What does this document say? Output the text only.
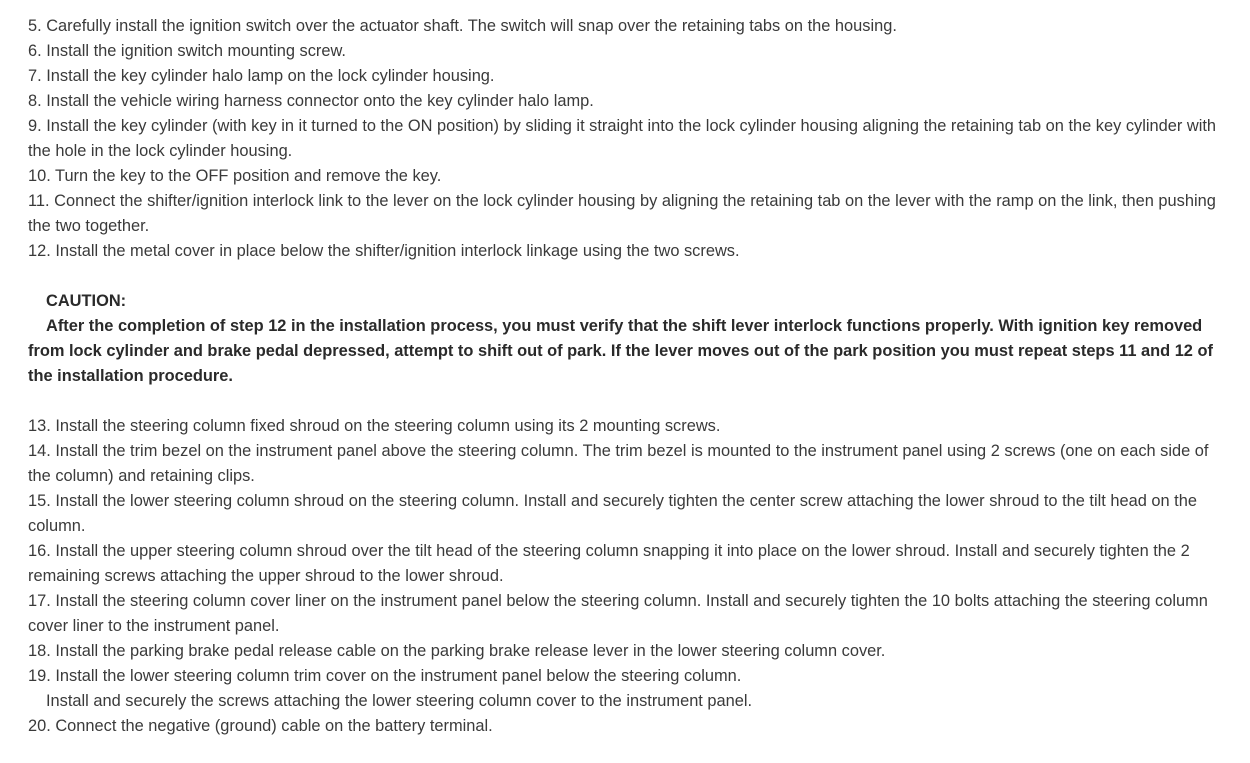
5. Carefully install the ignition switch over the actuator shaft. The switch will snap over the retaining tabs on the housing.
6. Install the ignition switch mounting screw.
7. Install the key cylinder halo lamp on the lock cylinder housing.
8. Install the vehicle wiring harness connector onto the key cylinder halo lamp.
9. Install the key cylinder (with key in it turned to the ON position) by sliding it straight into the lock cylinder housing aligning the retaining tab on the key cylinder with the hole in the lock cylinder housing.
10. Turn the key to the OFF position and remove the key.
11. Connect the shifter/ignition interlock link to the lever on the lock cylinder housing by aligning the retaining tab on the lever with the ramp on the link, then pushing the two together.
12. Install the metal cover in place below the shifter/ignition interlock linkage using the two screws.
CAUTION:
After the completion of step 12 in the installation process, you must verify that the shift lever interlock functions properly. With ignition key removed from lock cylinder and brake pedal depressed, attempt to shift out of park. If the lever moves out of the park position you must repeat steps 11 and 12 of the installation procedure.
13. Install the steering column fixed shroud on the steering column using its 2 mounting screws.
14. Install the trim bezel on the instrument panel above the steering column. The trim bezel is mounted to the instrument panel using 2 screws (one on each side of the column) and retaining clips.
15. Install the lower steering column shroud on the steering column. Install and securely tighten the center screw attaching the lower shroud to the tilt head on the column.
16. Install the upper steering column shroud over the tilt head of the steering column snapping it into place on the lower shroud. Install and securely tighten the 2 remaining screws attaching the upper shroud to the lower shroud.
17. Install the steering column cover liner on the instrument panel below the steering column. Install and securely tighten the 10 bolts attaching the steering column cover liner to the instrument panel.
18. Install the parking brake pedal release cable on the parking brake release lever in the lower steering column cover.
19. Install the lower steering column trim cover on the instrument panel below the steering column.
Install and securely the screws attaching the lower steering column cover to the instrument panel.
20. Connect the negative (ground) cable on the battery terminal.
